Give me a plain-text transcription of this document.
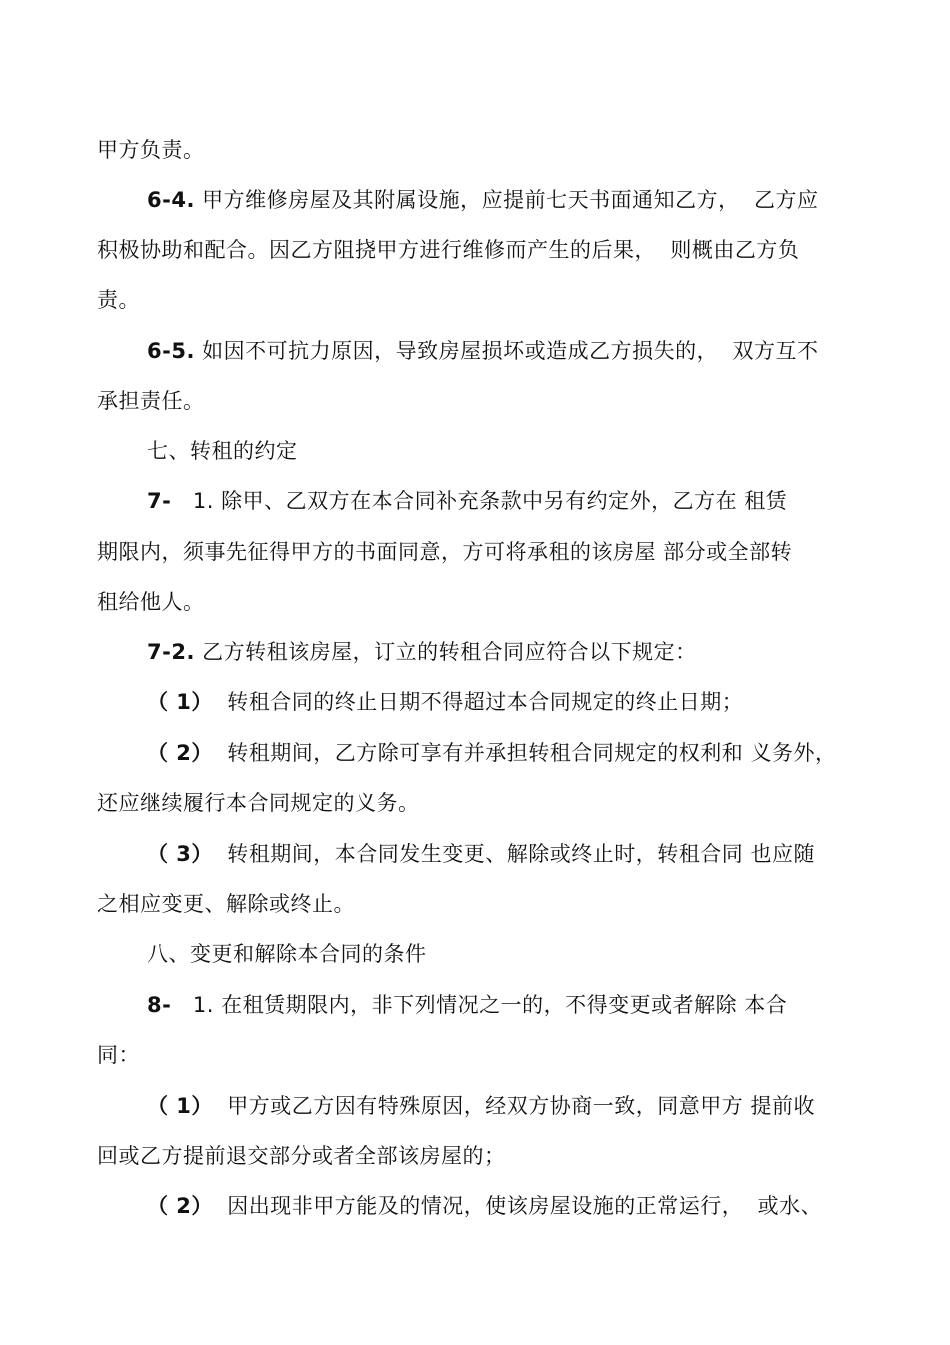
甲方负责。
6-4. 甲方维修房屋及其附属设施，应提前七天书面通知乙方，  乙方应
积极协助和配合。因乙方阻挠甲方进行维修而产生的后果，  则概由乙方负
责。
6-5. 如因不可抗力原因，导致房屋损坏或造成乙方损失的，  双方互不
承担责任。
七、转租的约定
7-   1. 除甲、乙双方在本合同补充条款中另有约定外，乙方在 租赁
期限内，须事先征得甲方的书面同意，方可将承租的该房屋 部分或全部转
租给他人。
7-2. 乙方转租该房屋，订立的转租合同应符合以下规定：
（ 1）  转租合同的终止日期不得超过本合同规定的终止日期；
（ 2）  转租期间，乙方除可享有并承担转租合同规定的权利和 义务外，
还应继续履行本合同规定的义务。
（ 3）  转租期间，本合同发生变更、解除或终止时，转租合同 也应随
之相应变更、解除或终止。
八、变更和解除本合同的条件
8-   1. 在租赁期限内，非下列情况之一的，不得变更或者解除 本合
同：
（ 1）  甲方或乙方因有特殊原因，经双方协商一致，同意甲方 提前收
回或乙方提前退交部分或者全部该房屋的；
（ 2）  因出现非甲方能及的情况，使该房屋设施的正常运行，  或水、
